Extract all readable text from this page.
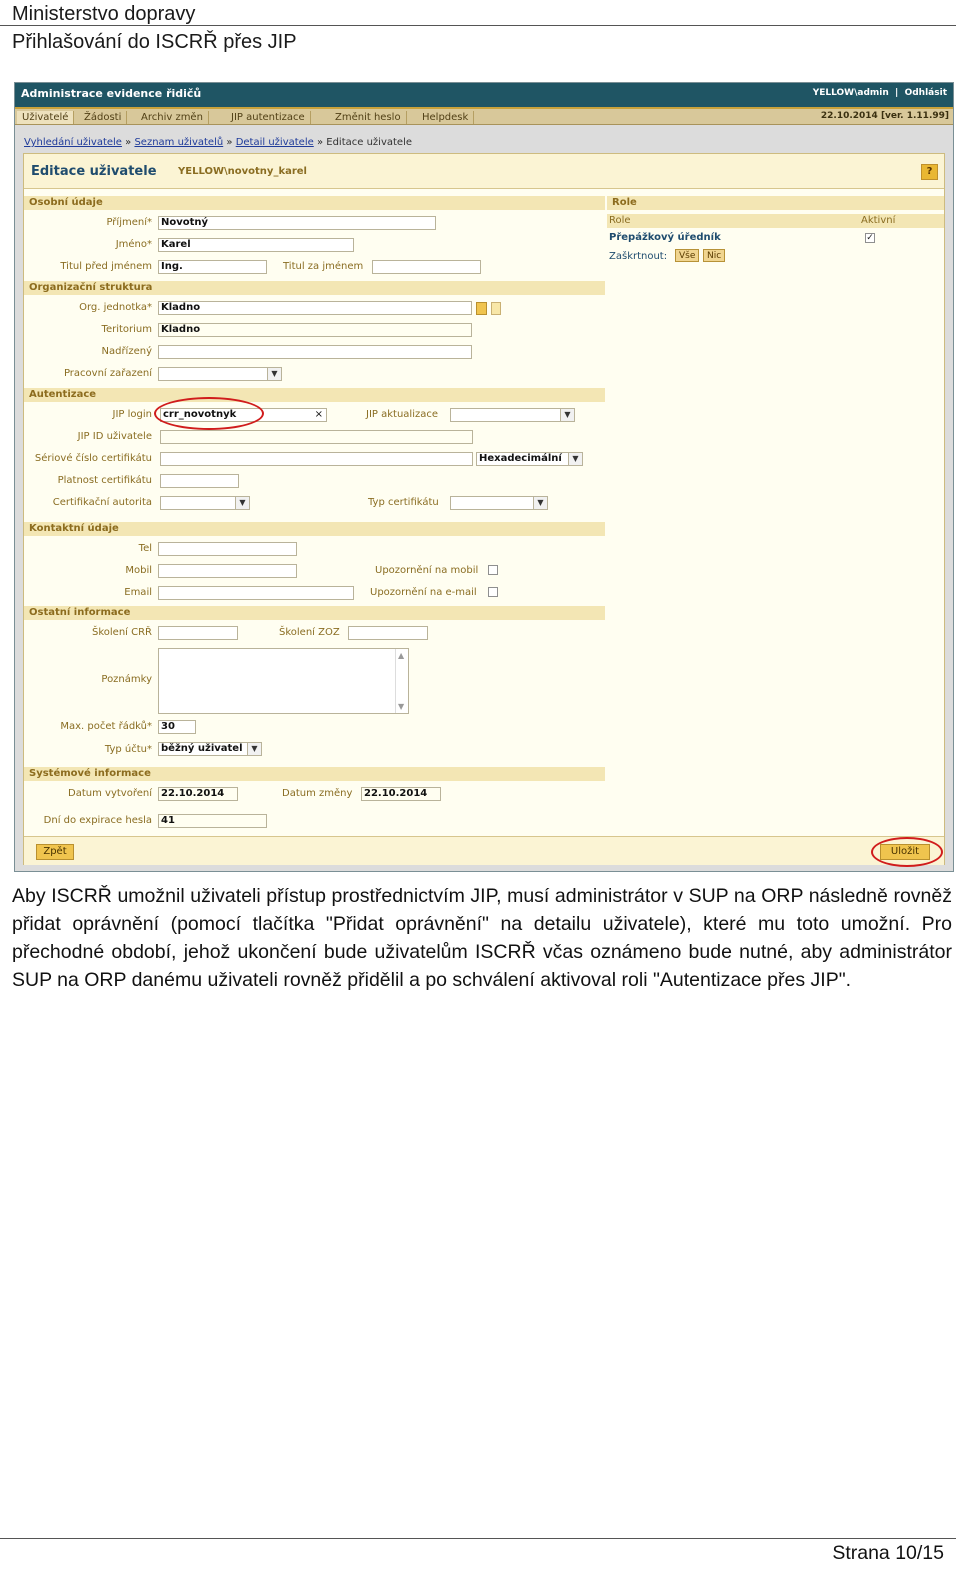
Ministerstvo dopravy
Přihlašování do ISCRŘ přes JIP
Administrace evidence řidičů	YELLOW\admin  |  Odhlásit
Uživatelé	Žádosti	Archiv změn	JIP autentizace	Změnit heslo	Helpdesk	22.10.2014 [ver. 1.11.99]
Vyhledání uživatele » Seznam uživatelů » Detail uživatele » Editace uživatele
Editace uživatele YELLOW\novotny_karel	?
Osobní údaje
Příjmení* Novotný
Jméno* Karel
Titul před jménem Ing.	Titul za jménem
Organizační struktura
Org. jednotka* Kladno
Teritorium Kladno
Nadřízený
Pracovní zařazení	▼
Autentizace
JIP login	crr_novotnyk	×	JIP aktualizace	▼
JIP ID uživatele
Sériové číslo certifikátu	Hexadecimální	▼
Platnost certifikátu
Certifikační autorita	▼	Typ certifikátu	▼
Kontaktní údaje
Tel
Mobil	Upozornění na mobil
Email	Upozornění na e-mail
Ostatní informace
Školení CRŘ	Školení ZOZ
Poznámky
▲
▼
Max. počet řádků* 30
Typ účtu* běžný uživatel	▼
Systémové informace
Datum vytvoření 22.10.2014	Datum změny	22.10.2014
Dní do expirace hesla 41
Role
Role	Aktivní
Přepážkový úředník	✓
Zaškrtnout:	Vše	Nic
Zpět	Uložit
Aby ISCRŘ umožnil uživateli přístup prostřednictvím JIP, musí administrátor v SUP na ORP následně rovněž přidat oprávnění (pomocí tlačítka "Přidat oprávnění" na detailu uživatele), které mu toto umožní. Pro přechodné období, jehož ukončení bude uživatelům ISCRŘ včas oznámeno bude nutné, aby administrátor SUP na ORP danému uživateli rovněž přidělil a po schválení aktivoval roli "Autentizace přes JIP".
Strana 10/15
